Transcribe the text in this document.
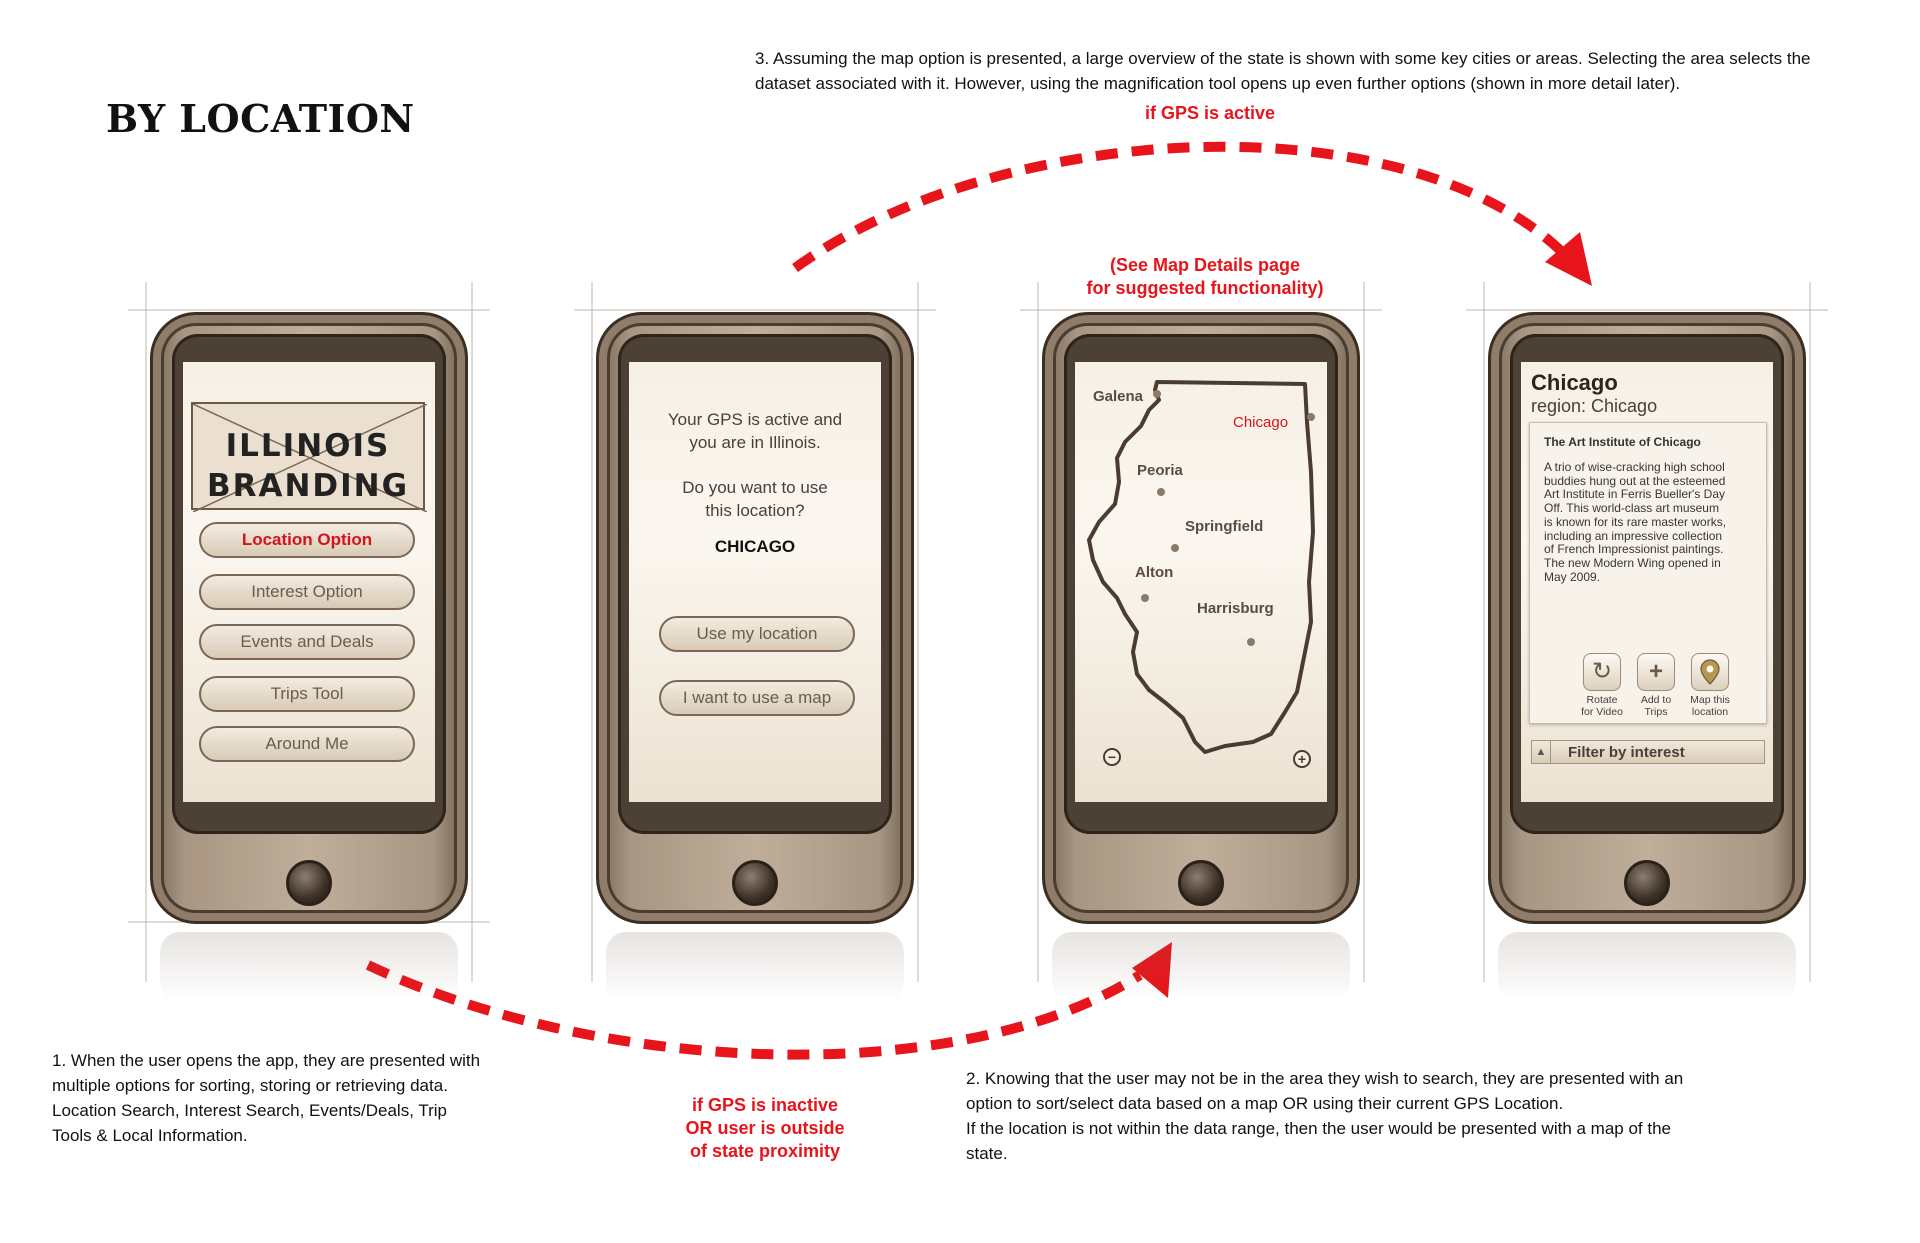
BY LOCATION

3. Assuming the map option is presented, a large overview of the state is shown with some key cities or areas. Selecting the area selects the

dataset associated with it. However, using the magnification tool opens up even further options (shown in more detail later).

if GPS is active
(See Map Details page
for suggested functionality)
if GPS is inactive
OR user is outside
of state proximity
ILLINOIS
BRANDING
Location Option
Interest Option
Events and Deals
Trips Tool
Around Me
Your GPS is active and
you are in Illinois.
Do you want to use
this location?
CHICAGO
Use my location
I want to use a map
Galena
Chicago
Peoria
Springfield
Alton
Harrisburg
−	+
Chicago
region: Chicago
The Art Institute of Chicago
A trio of wise-cracking high school
buddies hung out at the esteemed
Art Institute in Ferris Bueller's Day
Off. This world-class art museum
is known for its rare master works,
including an impressive collection
of French Impressionist paintings.
The new Modern Wing opened in
May 2009.
↻
Rotate
for Video
+
Add to
Trips
Map this
location
▲	Filter by interest

1. When the user opens the app, they are presented with

multiple options for sorting, storing or retrieving data.

Location Search, Interest Search, Events/Deals, Trip

Tools & Local Information.

2. Knowing that the user may not be in the area they wish to search, they are presented with an

option to sort/select data based on a map OR using their current GPS Location.

If the location is not within the data range, then the user would be presented with a map of the

state.
